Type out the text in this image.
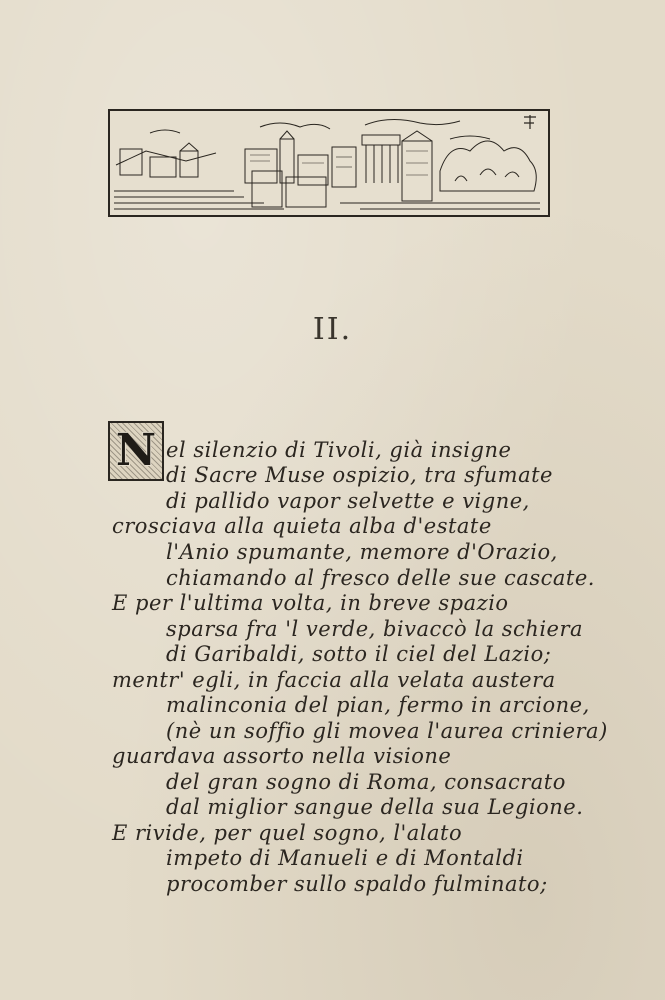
II.
N el silenzio di Tivoli, già insigne
di Sacre Muse ospizio, tra sfumate
di pallido vapor selvette e vigne,
crosciava alla quieta alba d'estate
l'Anio spumante, memore d'Orazio,
chiamando al fresco delle sue cascate.
E per l'ultima volta, in breve spazio
sparsa fra 'l verde, bivaccò la schiera
di Garibaldi, sotto il ciel del Lazio;
mentr' egli, in faccia alla velata austera
malinconia del pian, fermo in arcione,
(nè un soffio gli movea l'aurea criniera)
guardava assorto nella visione
del gran sogno di Roma, consacrato
dal miglior sangue della sua Legione.
E rivide, per quel sogno, l'alato
impeto di Manueli e di Montaldi
procomber sullo spaldo fulminato;
